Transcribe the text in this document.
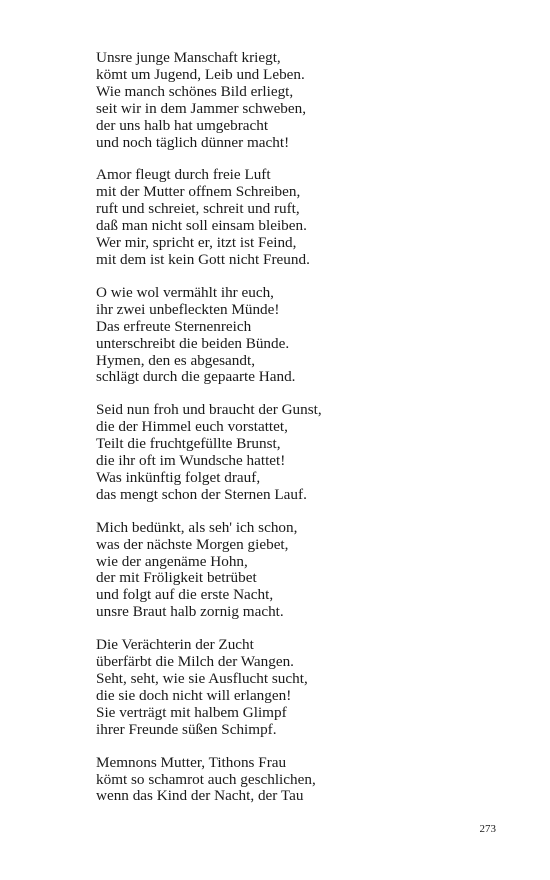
Unsre junge Manschaft kriegt,
kömt um Jugend, Leib und Leben.
Wie manch schönes Bild erliegt,
seit wir in dem Jammer schweben,
der uns halb hat umgebracht
und noch täglich dünner macht!
Amor fleugt durch freie Luft
mit der Mutter offnem Schreiben,
ruft und schreiet, schreit und ruft,
daß man nicht soll einsam bleiben.
Wer mir, spricht er, itzt ist Feind,
mit dem ist kein Gott nicht Freund.
O wie wol vermählt ihr euch,
ihr zwei unbefleckten Münde!
Das erfreute Sternenreich
unterschreibt die beiden Bünde.
Hymen, den es abgesandt,
schlägt durch die gepaarte Hand.
Seid nun froh und braucht der Gunst,
die der Himmel euch vorstattet,
Teilt die fruchtgefüllte Brunst,
die ihr oft im Wundsche hattet!
Was inkünftig folget drauf,
das mengt schon der Sternen Lauf.
Mich bedünkt, als seh' ich schon,
was der nächste Morgen giebet,
wie der angenäme Hohn,
der mit Fröligkeit betrübet
und folgt auf die erste Nacht,
unsre Braut halb zornig macht.
Die Verächterin der Zucht
überfärbt die Milch der Wangen.
Seht, seht, wie sie Ausflucht sucht,
die sie doch nicht will erlangen!
Sie verträgt mit halbem Glimpf
ihrer Freunde süßen Schimpf.
Memnons Mutter, Tithons Frau
kömt so schamrot auch geschlichen,
wenn das Kind der Nacht, der Tau
273
